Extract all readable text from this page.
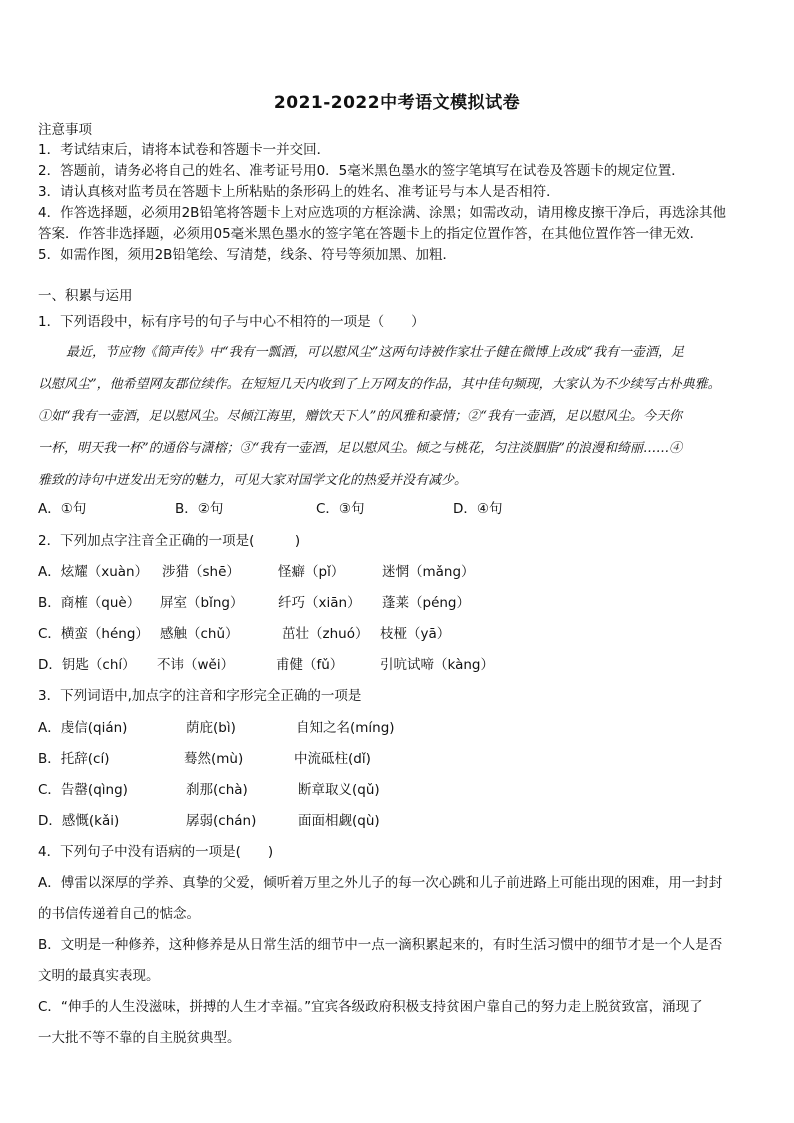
2021-2022中考语文模拟试卷
注意事项
1．考试结束后，请将本试卷和答题卡一并交回．
2．答题前，请务必将自己的姓名、准考证号用0．5毫米黑色墨水的签字笔填写在试卷及答题卡的规定位置．
3．请认真核对监考员在答题卡上所粘贴的条形码上的姓名、准考证号与本人是否相符．
4．作答选择题，必须用2B铅笔将答题卡上对应选项的方框涂满、涂黑；如需改动，请用橡皮擦干净后，再选涂其他
答案．作答非选择题，必须用05毫米黑色墨水的签字笔在答题卡上的指定位置作答，在其他位置作答一律无效．
5．如需作图，须用2B铅笔绘、写清楚，线条、符号等须加黑、加粗．
一、积累与运用
1．下列语段中，标有序号的句子与中心不相符的一项是（　　）
最近，节应物《简声传》中“我有一瓢酒，可以慰风尘”这两句诗被作家壮子健在微博上改成“我有一壶酒，足
以慰风尘”，他希望网友郡位续作。在短短几天内收到了上万网友的作品，其中佳句频现，大家认为不少续写古朴典雅。
①如“我有一壶酒，足以慰风尘。尽倾江海里，赠饮天下人”的风雅和豪情；②“我有一壶酒，足以慰风尘。今天你
一杯，明天我一杯”的通俗与潇榕；③“我有一壶酒，足以慰风尘。倾之与桃花，匀注淡胭脂”的浪漫和绮丽……④
雅致的诗句中迸发出无穷的魅力，可见大家对国学文化的热爱并没有减少。
A．①句	B．②句	C．③句	D．④句
2．下列加点字注音全正确的一项是(　　　)
A．炫耀（xuàn） 涉猎（shē）	怪癖（pǐ）	迷惘（mǎng）
B．商榷（què） 屏室（bǐng）	纤巧（xiān） 蓬莱（péng）
C．横蛮（héng） 感触（chǔ）	茁壮（zhuó） 枝桠（yā）
D．钥匙（chí） 不讳（wěi）	甫健（fǔ）	引吭试啼（kàng）
3．下列词语中,加点字的注音和字形完全正确的一项是
A．虔信(qián)	荫庇(bì)	自知之名(míng)
B．托辞(cí)	蓦然(mù)	中流砥柱(dǐ)
C．告罄(qìng)	刹那(chà)	断章取义(qǔ)
D．感慨(kǎi)	孱弱(chán)	面面相觑(qù)
4．下列句子中没有语病的一项是(　　)
A．傅雷以深厚的学养、真挚的父爱，倾听着万里之外儿子的每一次心跳和儿子前进路上可能出现的困难，用一封封
的书信传递着自己的惦念。
B．文明是一种修养，这种修养是从日常生活的细节中一点一滴积累起来的，有时生活习惯中的细节才是一个人是否
文明的最真实表现。
C．“伸手的人生没滋味，拼搏的人生才幸福。”宜宾各级政府积极支持贫困户靠自己的努力走上脱贫致富，涌现了
一大批不等不靠的自主脱贫典型。
